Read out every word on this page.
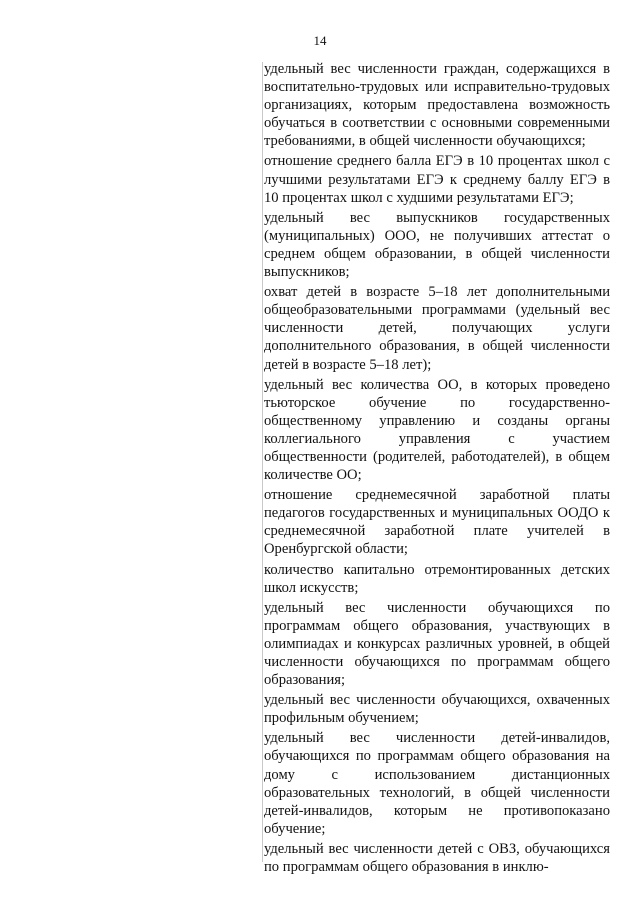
14

удельный вес численности граждан, содержащихся в воспитательно-трудовых или исправительно-трудовых организациях, которым предоставлена возможность обучаться в соответствии с основными современными требованиями, в общей численности обучающихся;

отношение среднего балла ЕГЭ в 10 процентах школ с лучшими результатами ЕГЭ к среднему баллу ЕГЭ в 10 процентах школ с худшими результатами ЕГЭ;

удельный вес выпускников государственных (муниципальных) ООО, не получивших аттестат о среднем общем образовании, в общей численности выпускников;

охват детей в возрасте 5–18 лет дополнительными общеобразовательными программами (удельный вес численности детей, получающих услуги дополнительного образования, в общей численности детей в возрасте 5–18 лет);

удельный вес количества ОО, в которых проведено тьюторское обучение по государственно-общественному управлению и созданы органы коллегиального управления с участием общественности (родителей, работодателей), в общем количестве ОО;

отношение среднемесячной заработной платы педагогов государственных и муниципальных ООДО к среднемесячной заработной плате учителей в Оренбургской области;

количество капитально отремонтированных детских школ искусств;

удельный вес численности обучающихся по программам общего образования, участвующих в олимпиадах и конкурсах различных уровней, в общей численности обучающихся по программам общего образования;

удельный вес численности обучающихся, охваченных профильным обучением;

удельный вес численности детей-инвалидов, обучающихся по программам общего образования на дому с использованием дистанционных образовательных технологий, в общей численности детей-инвалидов, которым не противопоказано обучение;

удельный вес численности детей с ОВЗ, обучающихся по программам общего образования в инклю-
